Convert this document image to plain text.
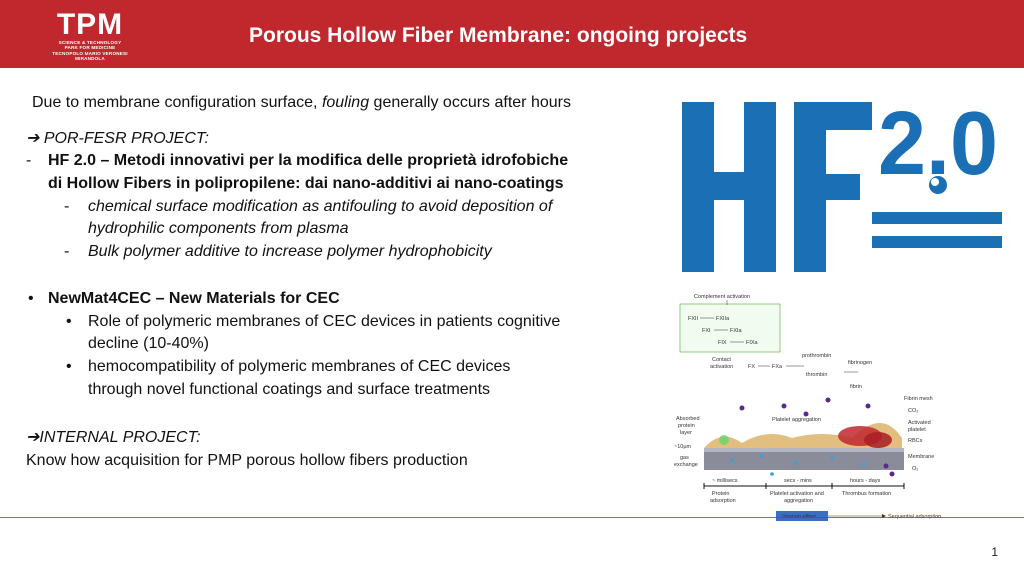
TPM
SCIENCE & TECHNOLOGY
PARK FOR MEDICINE
TECNOPOLO MARIO VERONESI
MIRANDOLA
Porous Hollow Fiber Membrane: ongoing projects
Due to membrane configuration surface, fouling generally occurs after hours
➔ POR-FESR PROJECT:
- HF 2.0 – Metodi innovativi per la modifica delle proprietà idrofobiche
di Hollow Fibers in polipropilene: dai nano-additivi ai nano-coatings
- chemical surface modification as antifouling to avoid deposition of
hydrophilic components from plasma
- Bulk polymer additive to increase polymer hydrophobicity
• NewMat4CEC – New Materials for CEC
• Role of polymeric membranes of CEC devices in patients cognitive
decline (10-40%)
• hemocompatibility of polymeric membranes of CEC devices
through novel functional coatings and surface treatments
➔INTERNAL PROJECT:
Know how acquisition for PMP porous hollow fibers production
2.0
Complement activation
FXII	FXIIa
FXI	FXIa
FIX	FIXa
Contact
activation	FX	FXa
prothrombin
thrombin
fibrinogen
fibrin
Platelet aggregation
Absorbed
protein
layer
~10μm
gas
exchange
Fibrin mesh
CO₂
Activated
platelet
RBCs
Membrane
O₂
~ millisecs	secs - mins	hours - days
Protein
adsorption
Platelet activation and
aggregation
Thrombus formation
1
